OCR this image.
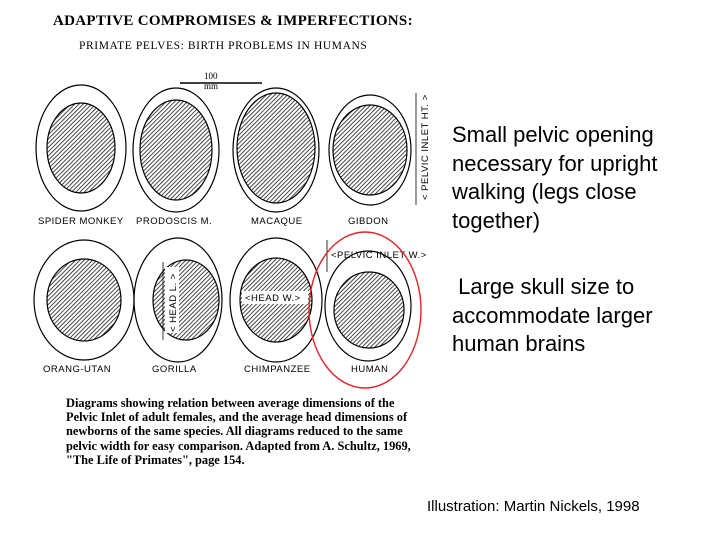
ADAPTIVE COMPROMISES & IMPERFECTIONS:
PRIMATE PELVES: BIRTH PROBLEMS IN HUMANS
< PELVIC INLET HT. >
SPIDER MONKEY PRODOSCIS M.	MACAQUE	GIBDON
< HEAD L. >	<HEAD W.>
<PELVIC INLET W.>
ORANG-UTAN	GORILLA	CHIMPANZEE	HUMAN
100 mm
Diagrams showing relation between average dimensions of the Pelvic Inlet of adult females, and the average head dimensions of newborns of the same species. All diagrams reduced to the same pelvic width for easy comparison. Adapted from A. Schultz, 1969, "The Life of Primates", page 154.
Small pelvic opening necessary for upright walking (legs close together)
Large skull size to accommodate larger human brains
Illustration: Martin Nickels, 1998
